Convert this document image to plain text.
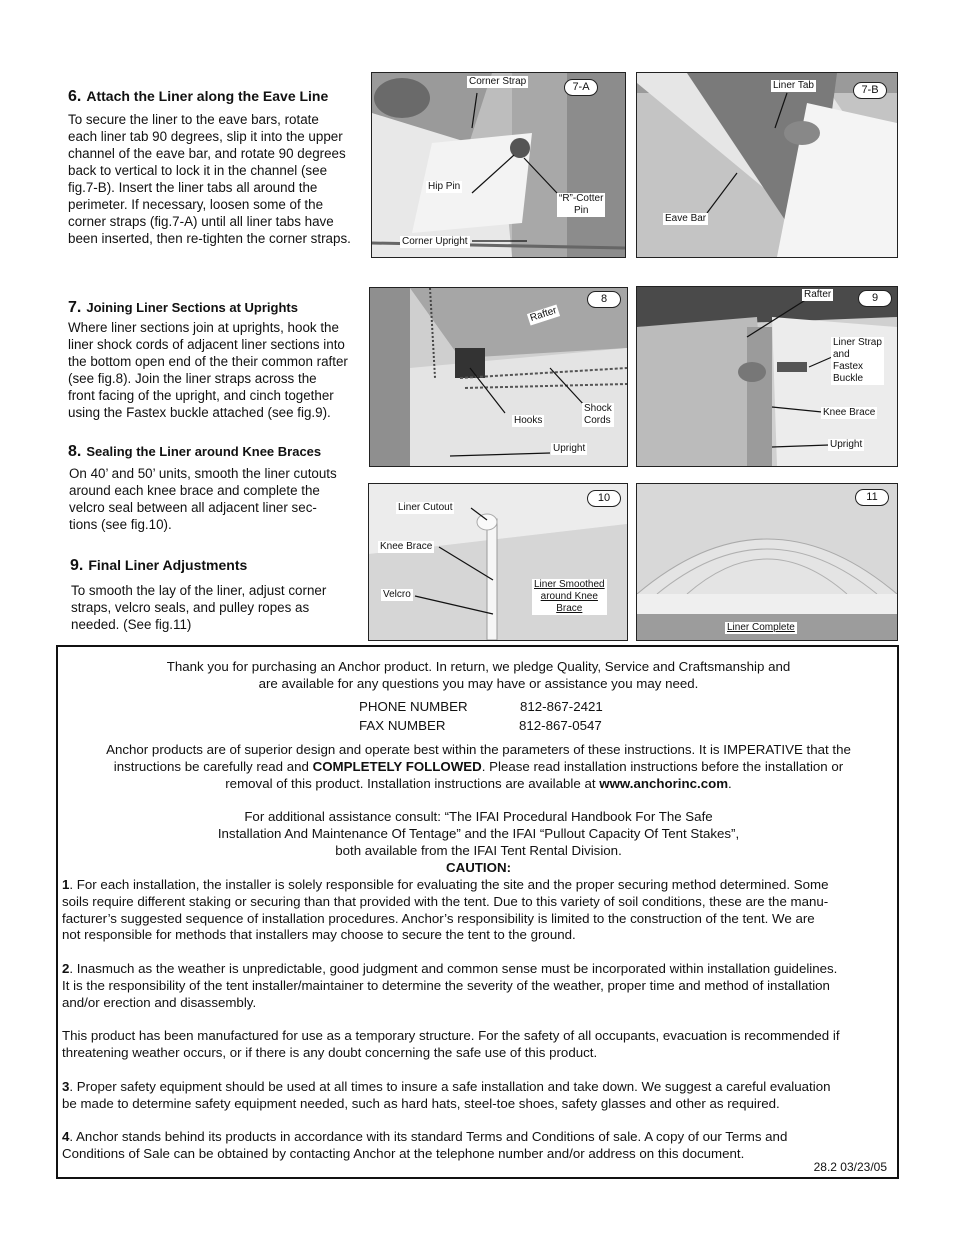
6. Attach the Liner along the Eave Line
To secure the liner to the eave bars, rotate
each liner tab 90 degrees, slip it into the upper
channel of the eave bar, and rotate 90 degrees
back to vertical to lock it in the channel (see
fig.7-B). Insert the liner tabs all around the
perimeter. If necessary, loosen some of the
corner straps (fig.7-A) until all liner tabs have
been inserted, then re-tighten the corner straps.
7. Joining Liner Sections at Uprights
Where liner sections join at uprights, hook the
liner shock cords of adjacent liner sections into
the bottom open end of the their common rafter
(see fig.8). Join the liner straps across the
front facing of the upright, and cinch together
using the Fastex buckle attached (see fig.9).
8. Sealing the Liner around Knee Braces
On 40’ and 50’ units, smooth the liner cutouts
around each knee brace and complete the
velcro seal between all adjacent liner sec-
tions (see fig.10).
9. Final Liner Adjustments
To smooth the lay of the liner, adjust corner
straps, velcro seals, and pulley ropes as
needed. (See fig.11)
Corner Strap	7-A
Hip Pin
“R”-Cotter
Pin
Corner Upright
Liner Tab	7-B
Eave Bar
Rafter
8
Hooks
Shock
Cords
Upright
Rafter	9
Liner Strap
and
Fastex
Buckle
Knee Brace
Upright
Liner Cutout
10
Knee Brace
Velcro
Liner Smoothed
around Knee
Brace
11
Liner Complete
Thank you for purchasing an Anchor product. In return, we pledge Quality, Service and Craftsmanship and
are available for any questions you may have or assistance you may need.
PHONE NUMBER	812-867-2421
FAX NUMBER	812-867-0547
Anchor products are of superior design and operate best within the parameters of these instructions. It is IMPERATIVE that the
instructions be carefully read and COMPLETELY FOLLOWED. Please read installation instructions before the installation or
removal of this product. Installation instructions are available at www.anchorinc.com.
For additional assistance consult: “The IFAI Procedural Handbook For The Safe
Installation And Maintenance Of Tentage” and the IFAI “Pullout Capacity Of Tent Stakes”,
both available from the IFAI Tent Rental Division.
CAUTION:
1. For each installation, the installer is solely responsible for evaluating the site and the proper securing method determined. Some
soils require different staking or securing than that provided with the tent. Due to this variety of soil conditions, these are the manu-
facturer’s suggested sequence of installation procedures. Anchor’s responsibility is limited to the construction of the tent. We are
not responsible for methods that installers may choose to secure the tent to the ground.
2. Inasmuch as the weather is unpredictable, good judgment and common sense must be incorporated within installation guidelines.
It is the responsibility of the tent installer/maintainer to determine the severity of the weather, proper time and method of installation
and/or erection and disassembly.
This product has been manufactured for use as a temporary structure. For the safety of all occupants, evacuation is recommended if
threatening weather occurs, or if there is any doubt concerning the safe use of this product.
3. Proper safety equipment should be used at all times to insure a safe installation and take down. We suggest a careful evaluation
be made to determine safety equipment needed, such as hard hats, steel-toe shoes, safety glasses and other as required.
4. Anchor stands behind its products in accordance with its standard Terms and Conditions of sale. A copy of our Terms and
Conditions of Sale can be obtained by contacting Anchor at the telephone number and/or address on this document.
28.2 03/23/05
